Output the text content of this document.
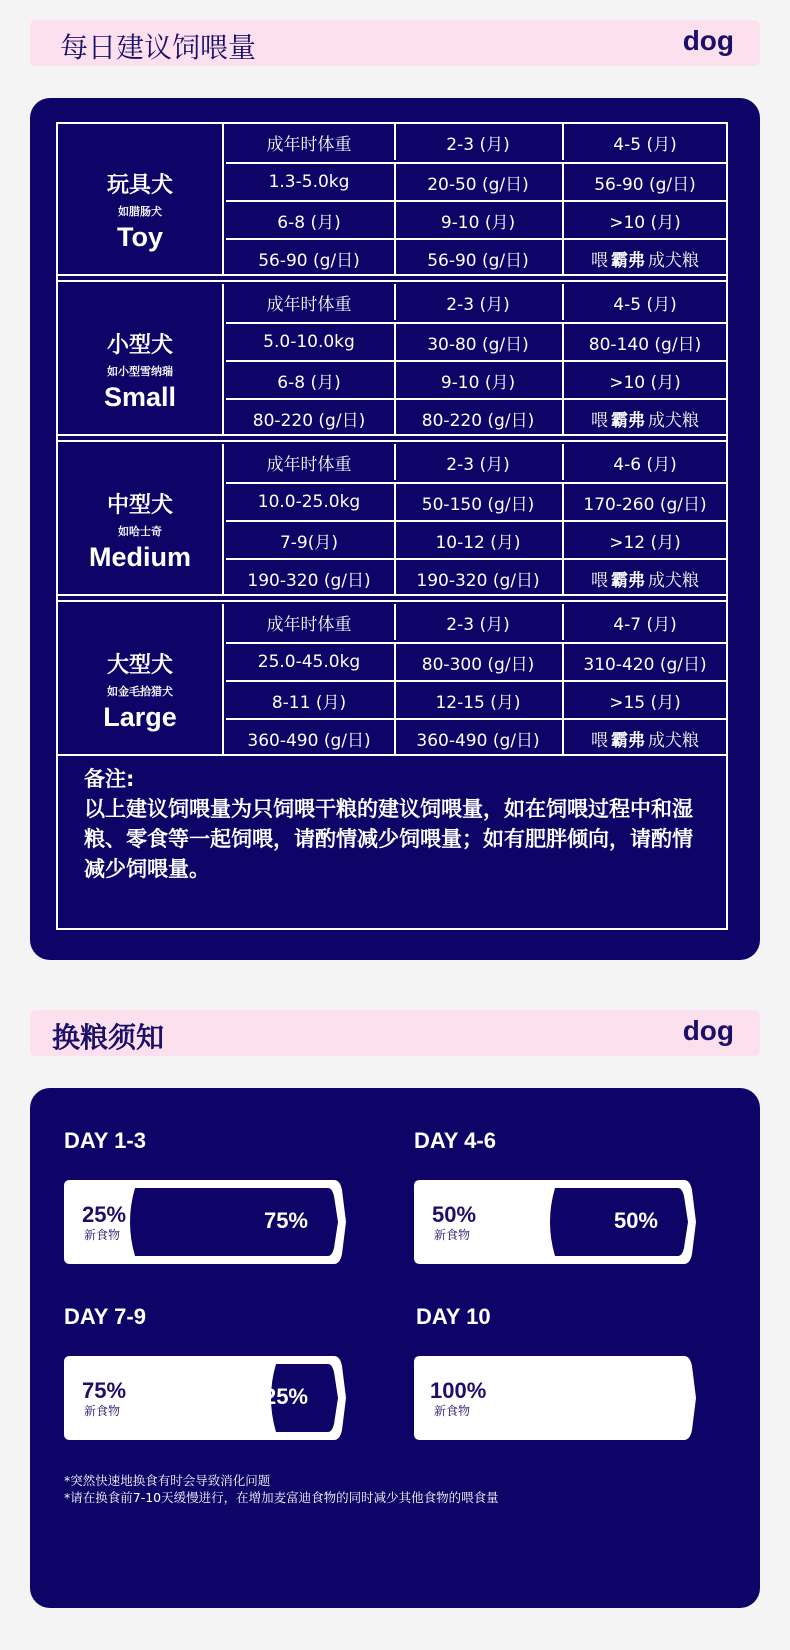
每日建议饲喂量	dog
备注:
以上建议饲喂量为只饲喂干粮的建议饲喂量，如在饲喂过程中和湿粮、零食等一起饲喂，请酌情减少饲喂量；如有肥胖倾向，请酌情减少饲喂量。
玩具犬
如腊肠犬
Toy
成年时体重	2-3 (月)	4-5 (月)
1.3-5.0kg	20-50 (g/日)	56-90 (g/日)
6-8 (月)	9-10 (月)	>10 (月)
56-90 (g/日)	56-90 (g/日)	喂 霸弗 成犬粮
小型犬
如小型雪纳瑞
Small
成年时体重	2-3 (月)	4-5 (月)
5.0-10.0kg	30-80 (g/日)	80-140 (g/日)
6-8 (月)	9-10 (月)	>10 (月)
80-220 (g/日)	80-220 (g/日)	喂 霸弗 成犬粮
中型犬
如哈士奇
Medium
成年时体重	2-3 (月)	4-6 (月)
10.0-25.0kg	50-150 (g/日)	170-260 (g/日)
7-9(月)	10-12 (月)	>12 (月)
190-320 (g/日)	190-320 (g/日)	喂 霸弗 成犬粮
大型犬
如金毛拾猎犬
Large
成年时体重	2-3 (月)	4-7 (月)
25.0-45.0kg	80-300 (g/日)	310-420 (g/日)
8-11 (月)	12-15 (月)	>15 (月)
360-490 (g/日)	360-490 (g/日)	喂 霸弗 成犬粮
换粮须知	dog
*突然快速地换食有时会导致消化问题
*请在换食前7-10天缓慢进行，在增加麦富迪食物的同时减少其他食物的喂食量
DAY 1-3
25%
新食物
75%
DAY 4-6
50%
新食物
50%
DAY 7-9
75%
新食物
25%
DAY 10
100%
新食物
